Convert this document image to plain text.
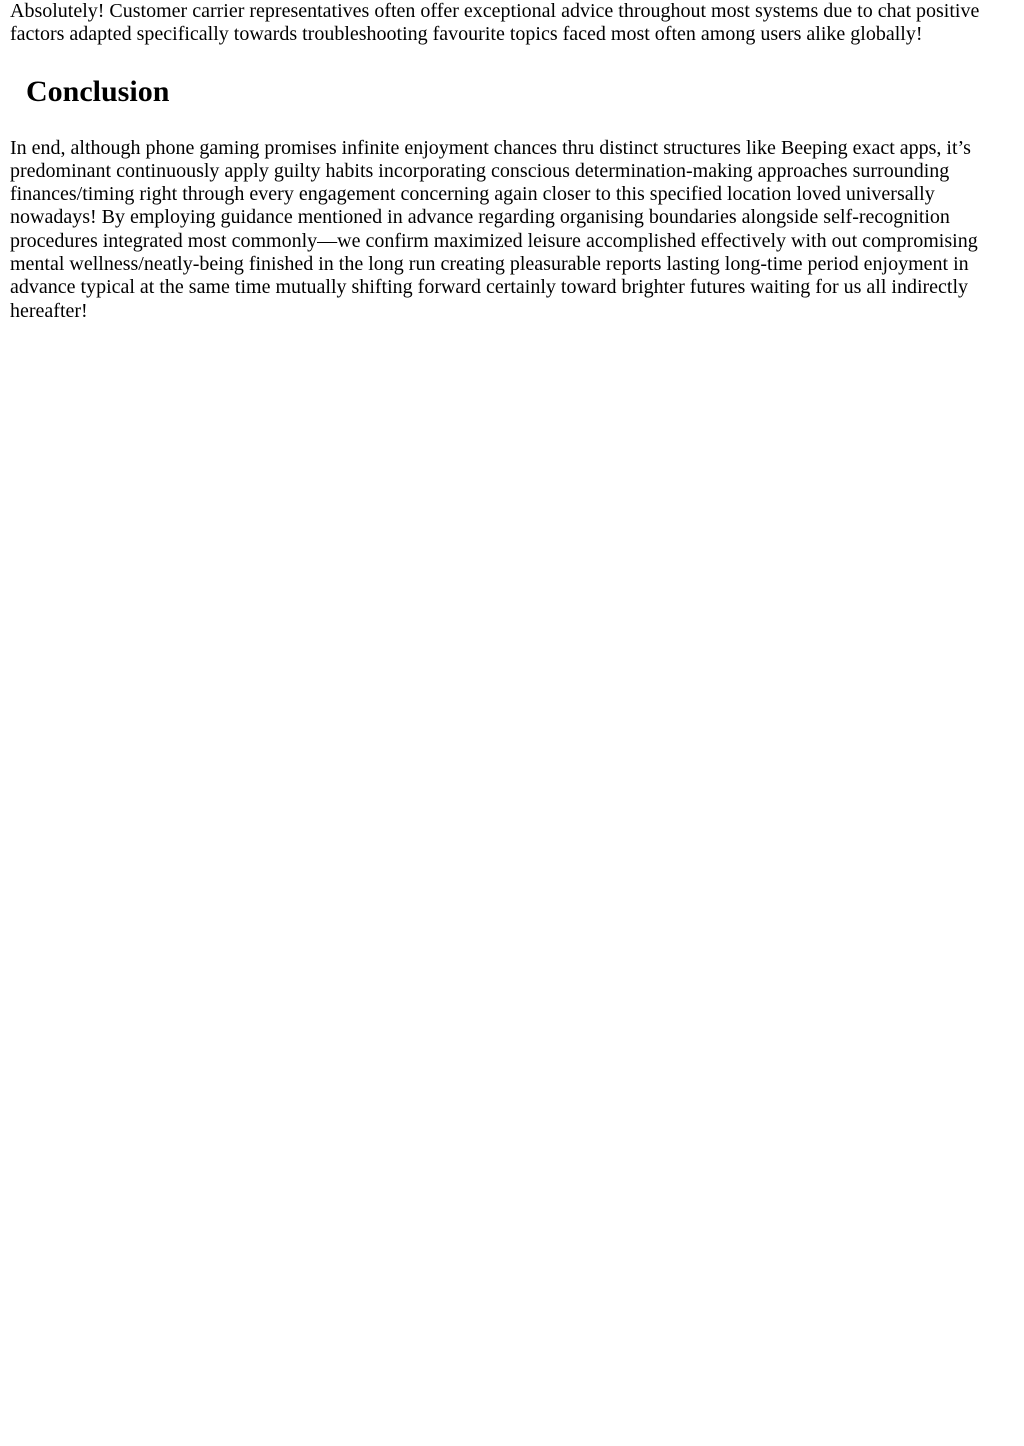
Absolutely! Customer carrier representatives often offer exceptional advice throughout most systems due to chat positive factors adapted specifically towards troubleshooting favourite topics faced most often among users alike globally!

Conclusion

In end, although phone gaming promises infinite enjoyment chances thru distinct structures like Beeping exact apps, it’s predominant continuously apply guilty habits incorporating conscious determination-making approaches surrounding finances/timing right through every engagement concerning again closer to this specified location loved universally nowadays! By employing guidance mentioned in advance regarding organising boundaries alongside self-recognition procedures integrated most commonly—we confirm maximized leisure accomplished effectively with out compromising mental wellness/neatly-being finished in the long run creating pleasurable reports lasting long-time period enjoyment in advance typical at the same time mutually shifting forward certainly toward brighter futures waiting for us all indirectly hereafter!
